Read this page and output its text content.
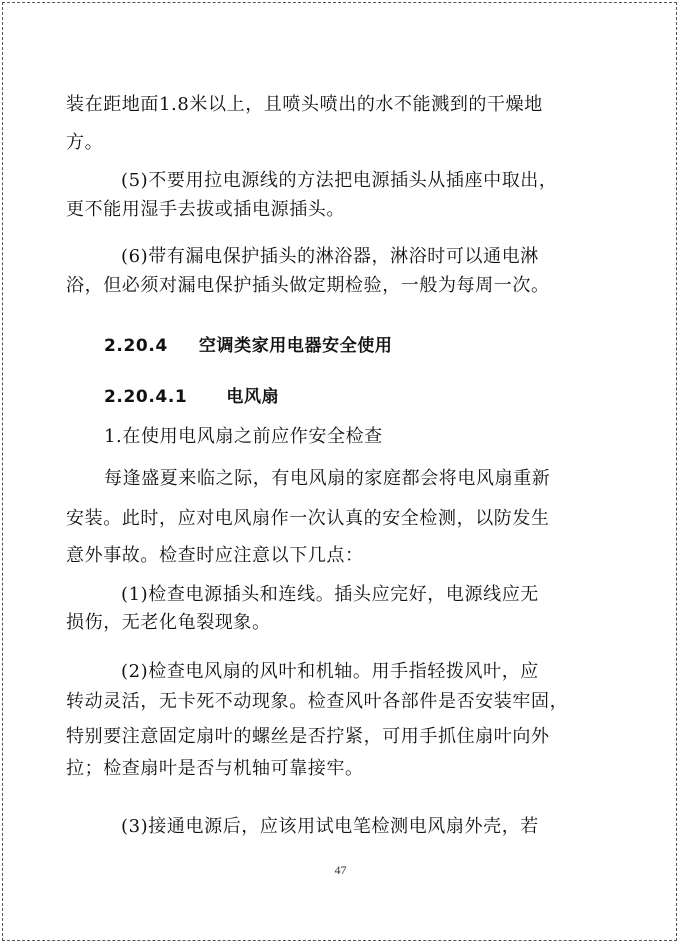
装在距地面1.8米以上，且喷头喷出的水不能溅到的干燥地
方。
(5)不要用拉电源线的方法把电源插头从插座中取出，
更不能用湿手去拔或插电源插头。
(6)带有漏电保护插头的淋浴器，淋浴时可以通电淋
浴，但必须对漏电保护插头做定期检验，一般为每周一次。
2.20.4 空调类家用电器安全使用
2.20.4.1 电风扇
1.在使用电风扇之前应作安全检查
每逢盛夏来临之际，有电风扇的家庭都会将电风扇重新
安装。此时，应对电风扇作一次认真的安全检测，以防发生
意外事故。检查时应注意以下几点：
(1)检查电源插头和连线。插头应完好，电源线应无
损伤，无老化龟裂现象。
(2)检查电风扇的风叶和机轴。用手指轻拨风叶，应
转动灵活，无卡死不动现象。检查风叶各部件是否安装牢固，
特别要注意固定扇叶的螺丝是否拧紧，可用手抓住扇叶向外
拉；检查扇叶是否与机轴可靠接牢。
(3)接通电源后，应该用试电笔检测电风扇外壳，若
47
